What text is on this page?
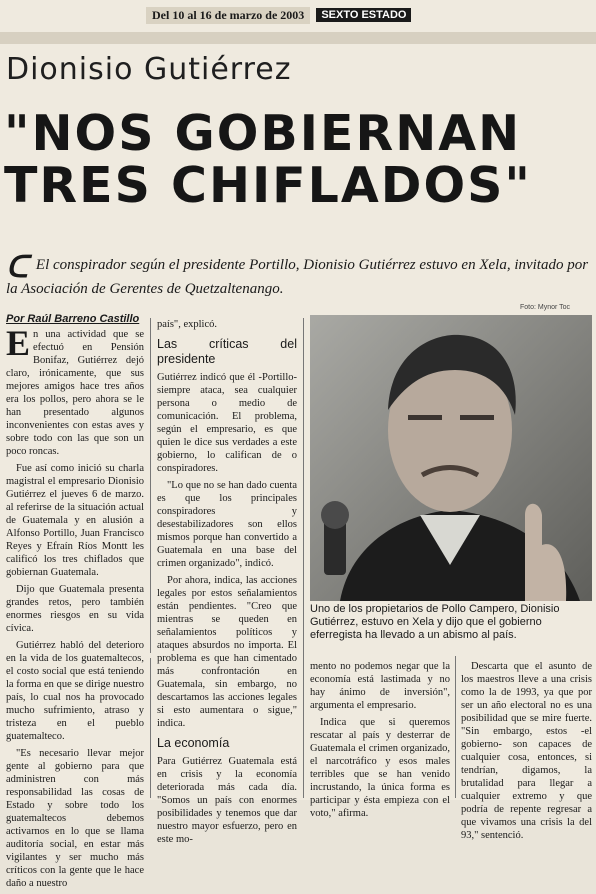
Del 10 al 16 de marzo de 2003	SEXTO ESTADO
Dionisio Gutiérrez
"NOS GOBIERNAN TRES CHIFLADOS"
ᑕ El conspirador según el presidente Portillo, Dionisio Gutiérrez estuvo en Xela, invitado por la Asociación de Gerentes de Quetzaltenango.
Por Raúl Barreno Castillo
Foto: Mynor Toc

En una actividad que se efectuó en Pensión Bonifaz, Gutiérrez dejó claro, irónicamente, que sus mejores amigos hace tres años era los pollos, pero ahora se le han presentado algunos inconvenientes con estas aves y sobre todo con las que son un poco roncas.

Fue así como inició su charla magistral el empresario Dionisio Gutiérrez el jueves 6 de marzo. al referirse de la situación actual de Guatemala y en alusión a Alfonso Portillo, Juan Francisco Reyes y Efraín Ríos Montt les calificó los tres chiflados que gobiernan Guatemala.

Dijo que Guatemala presenta grandes retos, pero también enormes riesgos en su vida cívica.

Gutiérrez habló del deterioro en la vida de los guatemaltecos, el costo social que está teniendo la forma en que se dirige nuestro país, lo cual nos ha provocado mucho sufrimiento, atraso y tristeza en el pueblo guatemalteco.

"Es necesario llevar mejor gente al gobierno para que administren con más responsabilidad las cosas de Estado y sobre todo los guatemaltecos debemos activarnos en lo que se llama auditoría social, en estar más vigilantes y ser mucho más críticos con la gente que le hace daño a nuestro

país", explicó.

Las críticas del presidente

Gutiérrez indicó que él -Portillo- siempre ataca, sea cualquier persona o medio de comunicación. El problema, según el empresario, es que quien le dice sus verdades a este gobierno, lo califican de o conspiradores.

"Lo que no se han dado cuenta es que los principales conspiradores y desestabilizadores son ellos mismos porque han convertido a Guatemala en una base del crimen organizado", indicó.

Por ahora, indica, las acciones legales por estos señalamientos están pendientes. "Creo que mientras se queden en señalamientos políticos y ataques absurdos no importa. El problema es que han cimentado más confrontación en Guatemala, sin embargo, no descartamos las acciones legales si esto aumentara o sigue," indica.

La economía

Para Gutiérrez Guatemala está en crisis y la economía deteriorada más cada día. "Somos un país con enormes posibilidades y tenemos que dar nuestro mayor esfuerzo, pero en este mo-

Uno de los propietarios de Pollo Campero, Dionisio Gutiérrez, estuvo en Xela y dijo que el gobierno eferregista ha llevado a un abismo al país.

mento no podemos negar que la economía está lastimada y no hay ánimo de inversión", argumenta el empresario.

Indica que si queremos rescatar al país y desterrar de Guatemala el crimen organizado, el narcotráfico y esos males terribles que se han venido incrustando, la única forma es participar y ésta empieza con el voto," afirma.

Descarta que el asunto de los maestros lleve a una crisis como la de 1993, ya que por ser un año electoral no es una posibilidad que se mire fuerte. "Sin embargo, estos -el gobierno- son capaces de cualquier cosa, entonces, si tendrían, digamos, la brutalidad para llegar a cualquier extremo y que podría de repente regresar a que vivamos una crisis la del 93," sentenció.
